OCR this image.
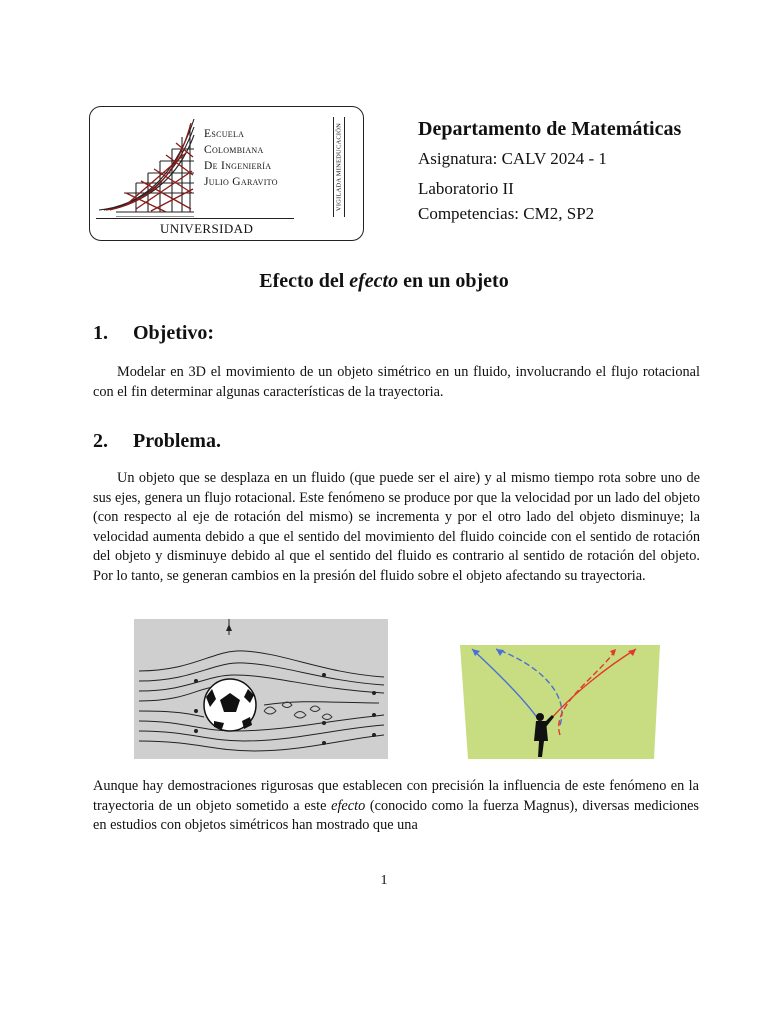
Escuela
Colombiana
De Ingeniería
Julio Garavito
UNIVERSIDAD
VIGILADA MINEDUCACIÓN	Departamento de Matemáticas
Asignatura: CALV 2024 - 1
Laboratorio II
Competencias: CM2, SP2
Efecto del efecto en un objeto
1. Objetivo:

Modelar en 3D el movimiento de un objeto simétrico en un fluido, involucrando el flujo rotacional con el fin determinar algunas características de la trayectoria.

2. Problema.

Un objeto que se desplaza en un fluido (que puede ser el aire) y al mismo tiempo rota sobre uno de sus ejes, genera un flujo rotacional. Este fenómeno se produce por que la velocidad por un lado del objeto (con respecto al eje de rotación del mismo) se incrementa y por el otro lado del objeto disminuye; la velocidad aumenta debido a que el sentido del movimiento del fluido coincide con el sentido de rotación del objeto y disminuye debido al que el sentido del fluido es contrario al sentido de rotación del objeto. Por lo tanto, se generan cambios en la presión del fluido sobre el objeto afectando su trayectoria.

Aunque hay demostraciones rigurosas que establecen con precisión la influencia de este fenómeno en la trayectoria de un objeto sometido a este efecto (conocido como la fuerza Magnus), diversas mediciones en estudios con objetos simétricos han mostrado que una

1
